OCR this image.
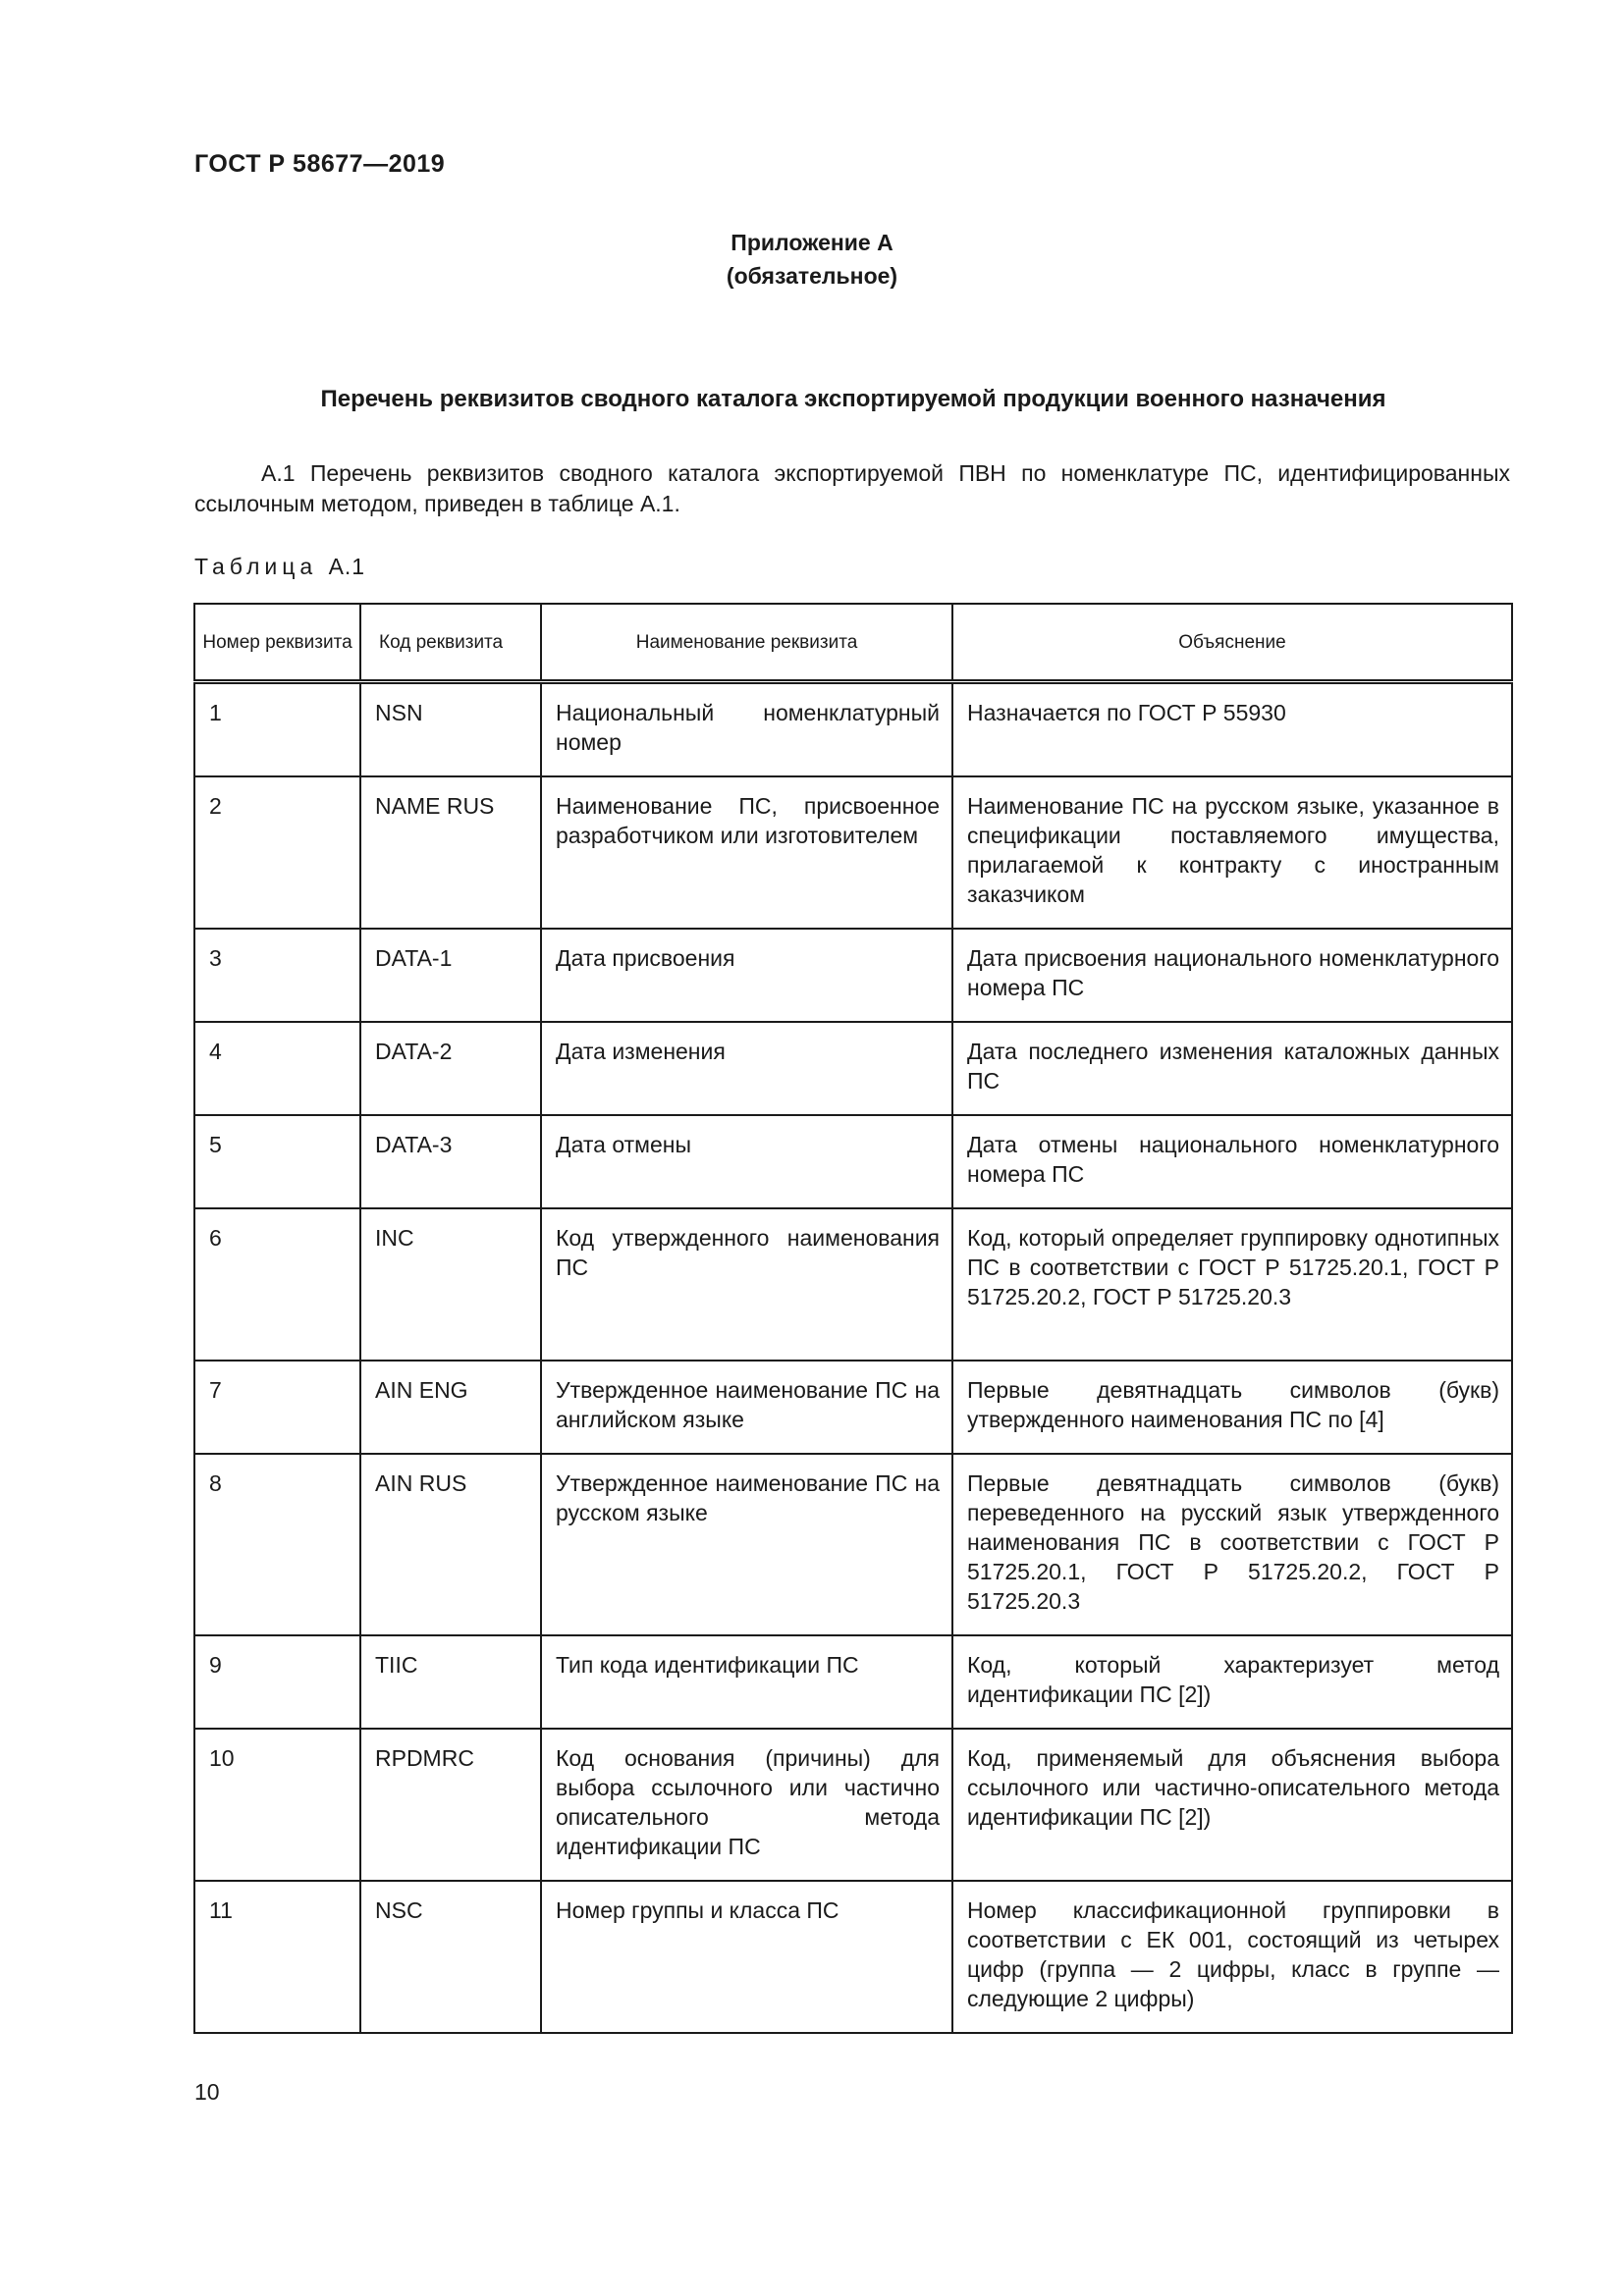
ГОСТ Р 58677—2019
Приложение А
(обязательное)
Перечень реквизитов сводного каталога экспортируемой продукции военного назначения
А.1 Перечень реквизитов сводного каталога экспортируемой ПВН по номенклатуре ПС, идентифицированных ссылочным методом, приведен в таблице А.1.
Таблица А.1
Номер реквизита	Код реквизита	Наименование реквизита	Объяснение
1	NSN	Национальный номенклатурный номер	Назначается по ГОСТ Р 55930
2	NAME RUS	Наименование ПС, присвоенное разработчиком или изготовителем	Наименование ПС на русском языке, указанное в спецификации поставляемого имущества, прилагаемой к контракту с иностранным заказчиком
3	DATA-1	Дата присвоения	Дата присвоения национального номенклатурного номера ПС
4	DATA-2	Дата изменения	Дата последнего изменения каталожных данных ПС
5	DATA-3	Дата отмены	Дата отмены национального номенклатурного номера ПС
6	INC	Код утвержденного наименования ПС	Код, который определяет группировку однотипных ПС в соответствии с ГОСТ Р 51725.20.1, ГОСТ Р 51725.20.2, ГОСТ Р 51725.20.3
7	AIN ENG	Утвержденное наименование ПС на английском языке	Первые девятнадцать символов (букв) утвержденного наименования ПС по [4]
8	AIN RUS	Утвержденное наименование ПС на русском языке	Первые девятнадцать символов (букв) переведенного на русский язык утвержденного наименования ПС в соответствии с ГОСТ Р 51725.20.1, ГОСТ Р 51725.20.2, ГОСТ Р 51725.20.3
9	TIIC	Тип кода идентификации ПС	Код, который характеризует метод идентификации ПС [2])
10	RPDMRC	Код основания (причины) для выбора ссылочного или частично описательного метода идентификации ПС	Код, применяемый для объяснения выбора ссылочного или частично-описательного метода идентификации ПС [2])
11	NSC	Номер группы и класса ПС	Номер классификационной группировки в соответствии с ЕК 001, состоящий из четырех цифр (группа — 2 цифры, класс в группе — следующие 2 цифры)
10
